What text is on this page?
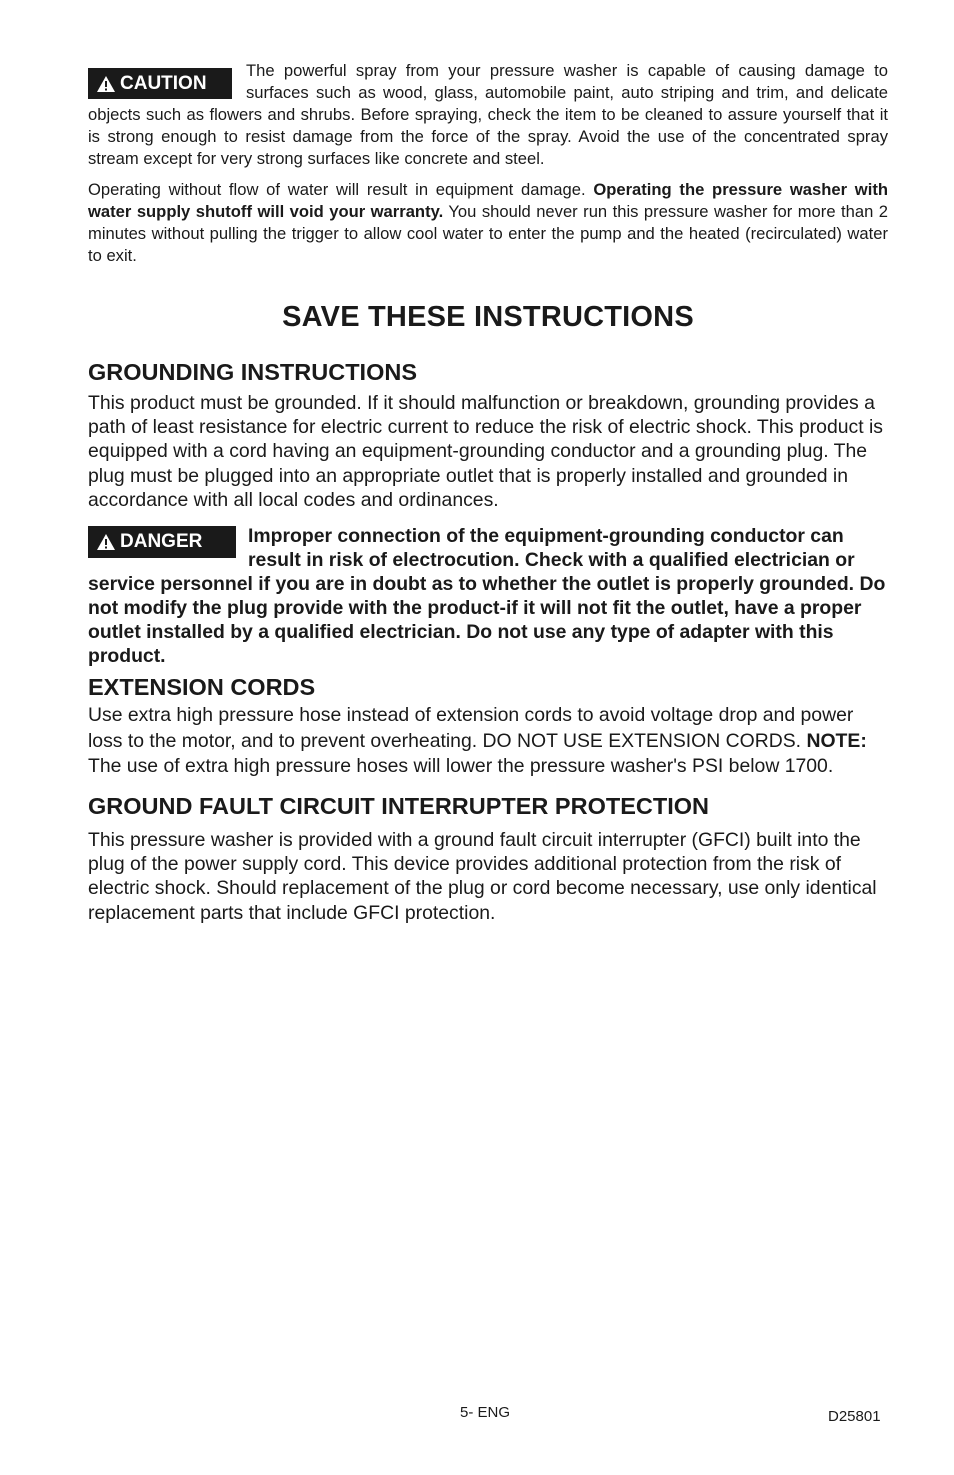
CAUTION
The powerful spray from your pressure washer is capable of causing damage to surfaces such as wood, glass, automobile paint, auto striping and trim, and delicate objects such as flowers and shrubs. Before spraying, check the item to be cleaned to assure yourself that it is strong enough to resist damage from the force of the spray. Avoid the use of the concentrated spray stream except for very strong surfaces like concrete and steel.

Operating without flow of water will result in equipment damage. Operating the pressure washer with water supply shutoff will void your warranty. You should never run this pressure washer for more than 2 minutes without pulling the trigger to allow cool water to enter the pump and the heated (recirculated) water to exit.

SAVE THESE INSTRUCTIONS
GROUNDING INSTRUCTIONS

This product must be grounded. If it should malfunction or breakdown, grounding provides a path of least resistance for electric current to reduce the risk of electric shock. This product is equipped with a cord having an equipment-grounding conductor and a grounding plug. The plug must be plugged into an appropriate outlet that is properly installed and grounded in accordance with all local codes and ordinances.

DANGER Improper connection of the equipment-grounding conductor can result in risk of electrocution. Check with a qualified electrician or service personnel if you are in doubt as to whether the outlet is properly grounded. Do not modify the plug provide with the product-if it will not fit the outlet, have a proper outlet installed by a qualified electrician. Do not use any type of adapter with this product.

EXTENSION CORDS

Use extra high pressure hose instead of extension cords to avoid voltage drop and power loss to the motor, and to prevent overheating. DO NOT USE EXTENSION CORDS. NOTE: The use of extra high pressure hoses will lower the pressure washer's PSI below 1700.

GROUND FAULT CIRCUIT INTERRUPTER PROTECTION

This pressure washer is provided with a ground fault circuit interrupter (GFCI) built into the plug of the power supply cord. This device provides additional protection from the risk of electric shock. Should replacement of the plug or cord become necessary, use only identical replacement parts that include GFCI protection.

5- ENG	D25801
